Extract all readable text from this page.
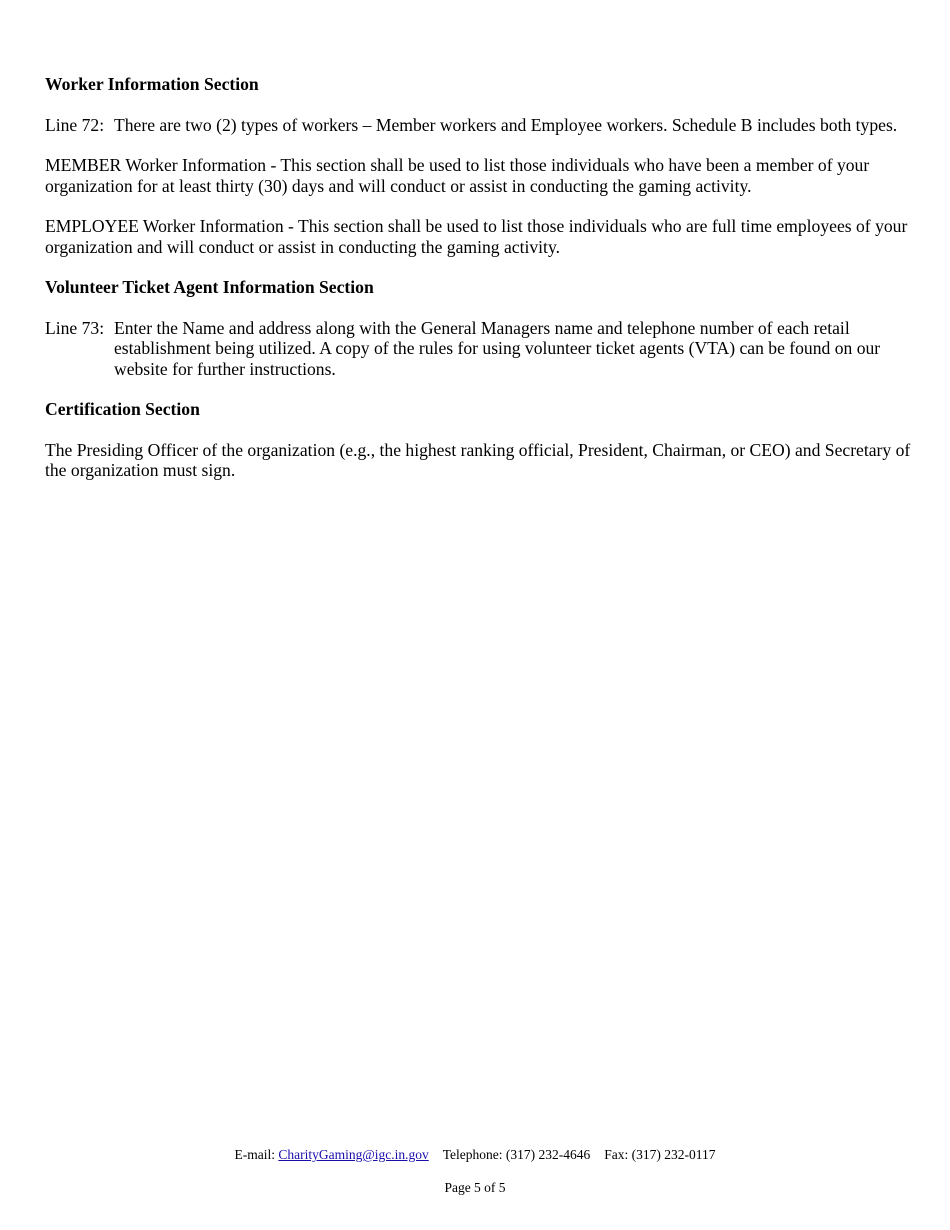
Worker Information Section
Line 72: There are two (2) types of workers – Member workers and Employee workers. Schedule B includes both types.
MEMBER Worker Information - This section shall be used to list those individuals who have been a member of your organization for at least thirty (30) days and will conduct or assist in conducting the gaming activity.
EMPLOYEE Worker Information - This section shall be used to list those individuals who are full time employees of your organization and will conduct or assist in conducting the gaming activity.
Volunteer Ticket Agent Information Section
Line 73: Enter the Name and address along with the General Managers name and telephone number of each retail establishment being utilized. A copy of the rules for using volunteer ticket agents (VTA) can be found on our website for further instructions.
Certification Section
The Presiding Officer of the organization (e.g., the highest ranking official, President, Chairman, or CEO) and Secretary of the organization must sign.
E-mail: CharityGaming@igc.in.gov Telephone: (317) 232-4646 Fax: (317) 232-0117
Page 5 of 5
